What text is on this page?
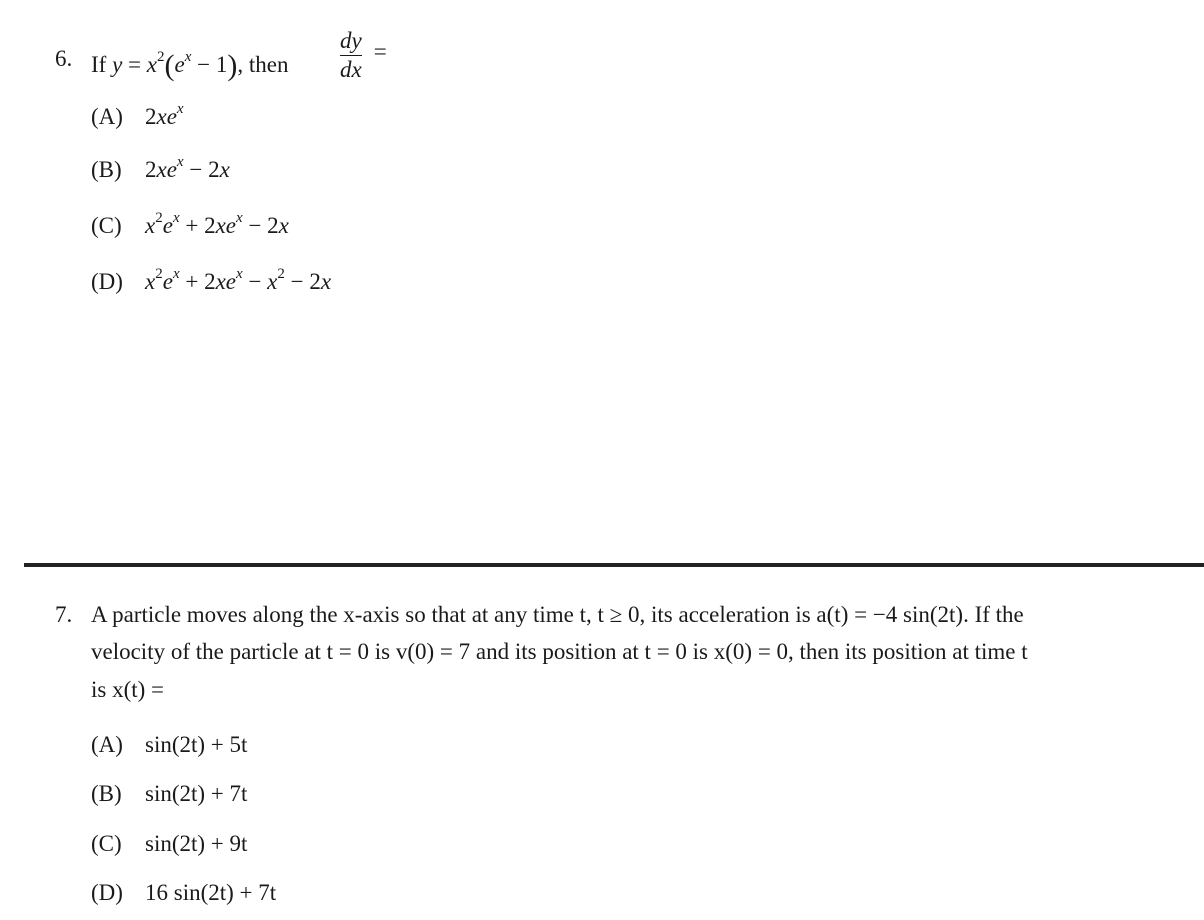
6. If $y = x^2(e^x - 1)$, then $\frac{dy}{dx}$ =
(A) $2xe^x$
(B) $2xe^x - 2x$
(C) $x^2e^x + 2xe^x - 2x$
(D) $x^2e^x + 2xe^x - x^2 - 2x$
7. A particle moves along the x-axis so that at any time t, t ≥ 0, its acceleration is a(t) = −4 sin(2t). If the
velocity of the particle at t = 0 is v(0) = 7 and its position at t = 0 is x(0) = 0, then its position at time t
is x(t) =
(A) sin(2t) + 5t
(B) sin(2t) + 7t
(C) sin(2t) + 9t
(D) 16 sin(2t) + 7t
